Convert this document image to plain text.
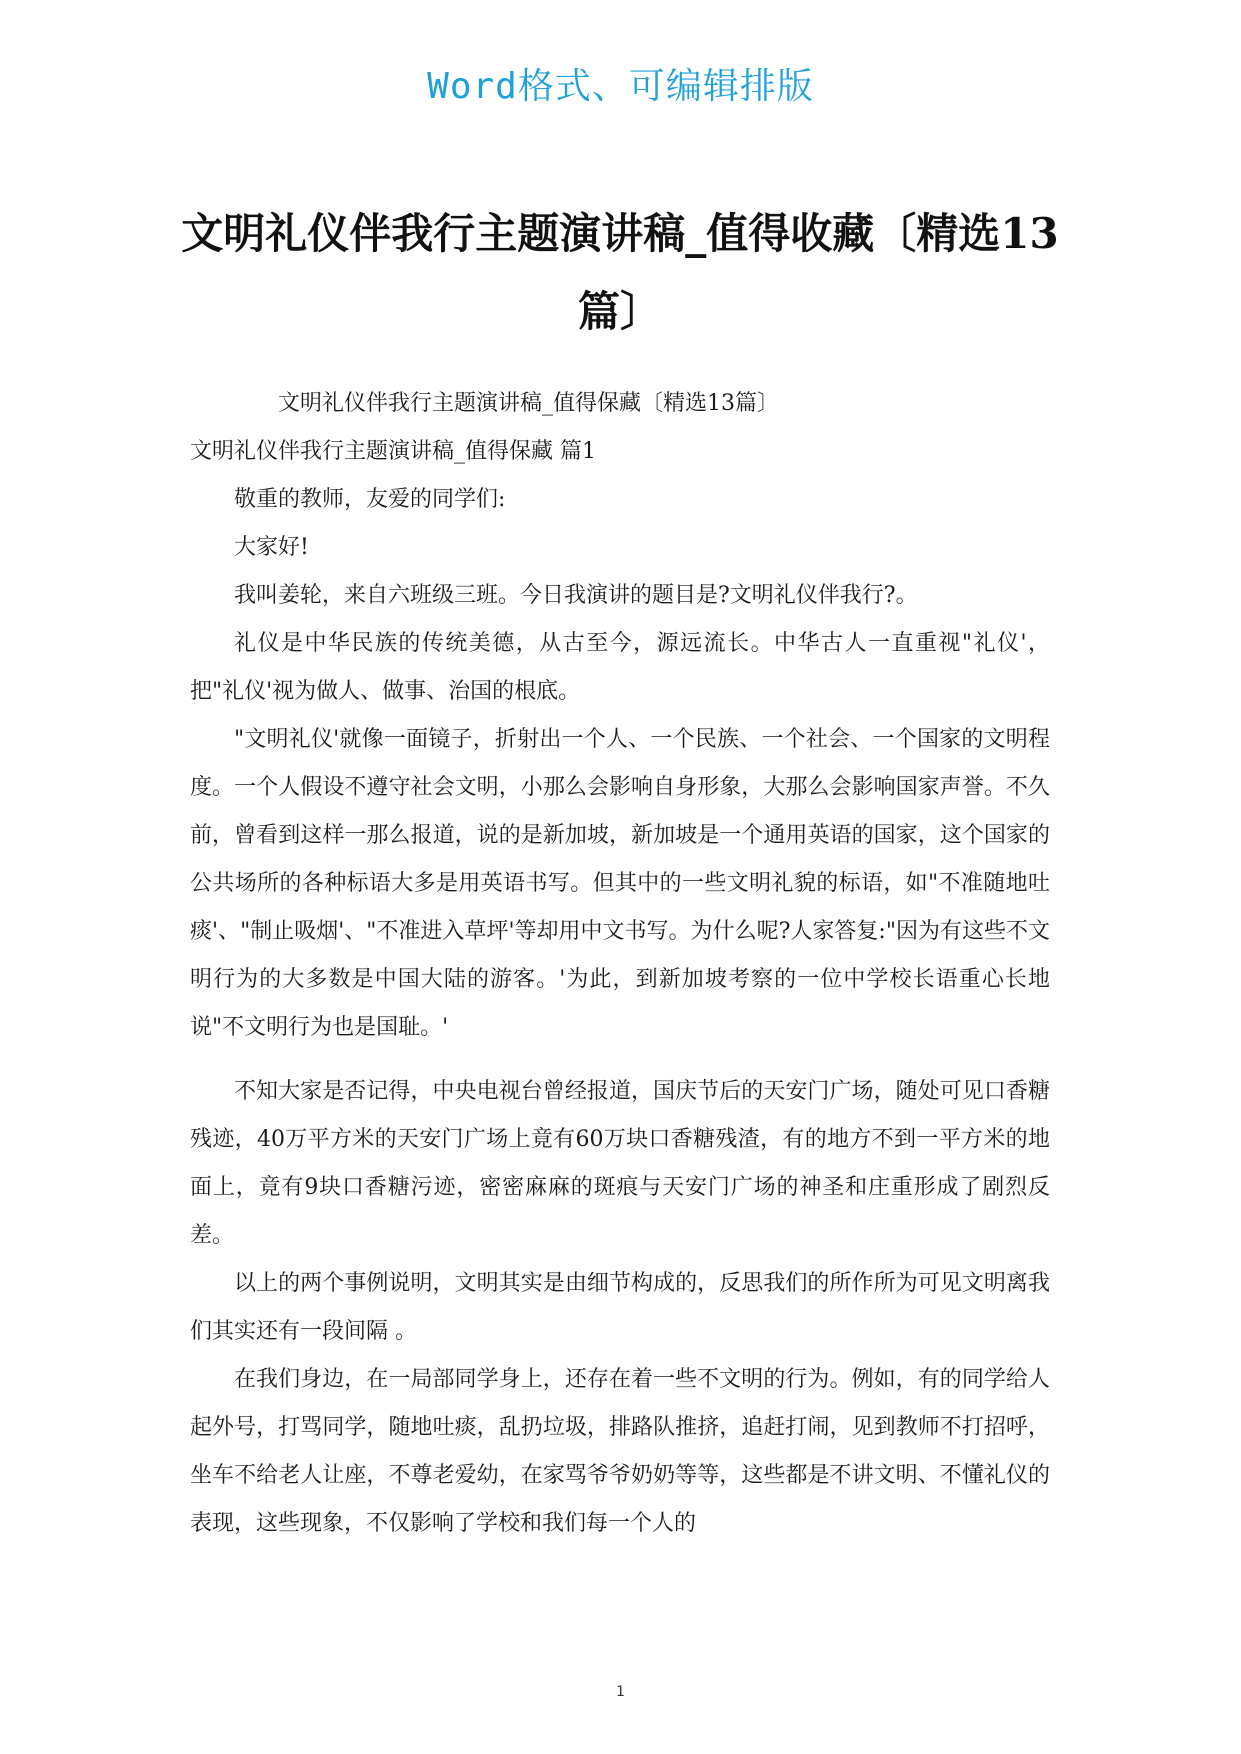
Word格式、可编辑排版
文明礼仪伴我行主题演讲稿_值得收藏〔精选13篇〕

文明礼仪伴我行主题演讲稿_值得保藏〔精选13篇〕

文明礼仪伴我行主题演讲稿_值得保藏 篇1

敬重的教师，友爱的同学们:

大家好!

我叫姜轮，来自六班级三班。今日我演讲的题目是?文明礼仪伴我行?。

礼仪是中华民族的传统美德，从古至今，源远流长。中华古人一直重视"礼仪'，把"礼仪'视为做人、做事、治国的根底。

"文明礼仪'就像一面镜子，折射出一个人、一个民族、一个社会、一个国家的文明程度。一个人假设不遵守社会文明，小那么会影响自身形象，大那么会影响国家声誉。不久前，曾看到这样一那么报道，说的是新加坡，新加坡是一个通用英语的国家，这个国家的公共场所的各种标语大多是用英语书写。但其中的一些文明礼貌的标语，如"不准随地吐痰'、"制止吸烟'、"不准进入草坪'等却用中文书写。为什么呢?人家答复:"因为有这些不文明行为的大多数是中国大陆的游客。'为此，到新加坡考察的一位中学校长语重心长地说"不文明行为也是国耻。'

不知大家是否记得，中央电视台曾经报道，国庆节后的天安门广场，随处可见口香糖残迹，40万平方米的天安门广场上竟有60万块口香糖残渣，有的地方不到一平方米的地面上，竟有9块口香糖污迹，密密麻麻的斑痕与天安门广场的神圣和庄重形成了剧烈反差。

以上的两个事例说明，文明其实是由细节构成的，反思我们的所作所为可见文明离我们其实还有一段间隔 。

在我们身边，在一局部同学身上，还存在着一些不文明的行为。例如，有的同学给人起外号，打骂同学，随地吐痰，乱扔垃圾，排路队推挤，追赶打闹，见到教师不打招呼，坐车不给老人让座，不尊老爱幼，在家骂爷爷奶奶等等，这些都是不讲文明、不懂礼仪的表现，这些现象，不仅影响了学校和我们每一个人的

1
